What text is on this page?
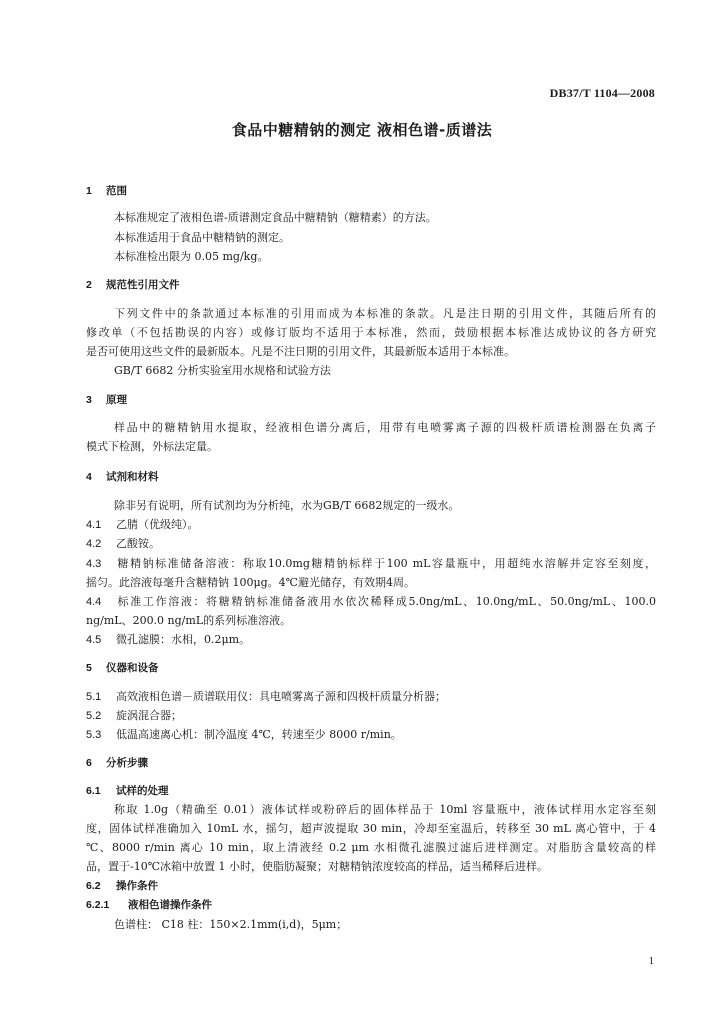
DB37/T 1104—2008
食品中糖精钠的测定 液相色谱-质谱法
1 范围
本标准规定了液相色谱-质谱测定食品中糖精钠（糖精素）的方法。
本标准适用于食品中糖精钠的测定。
本标准检出限为 0.05 mg/kg。
2 规范性引用文件
下列文件中的条款通过本标准的引用而成为本标准的条款。凡是注日期的引用文件，其随后所有的
修改单（不包括勘误的内容）或修订版均不适用于本标准，然而，鼓励根据本标准达成协议的各方研究
是否可使用这些文件的最新版本。凡是不注日期的引用文件，其最新版本适用于本标准。
GB/T 6682 分析实验室用水规格和试验方法
3 原理
样品中的糖精钠用水提取，经液相色谱分离后，用带有电喷雾离子源的四极杆质谱检测器在负离子
模式下检测，外标法定量。
4 试剂和材料
除非另有说明，所有试剂均为分析纯，水为GB/T 6682规定的一级水。
4.1 乙腈（优级纯）。
4.2 乙酸铵。
4.3 糖精钠标准储备溶液：称取10.0mg糖精钠标样于100 mL容量瓶中，用超纯水溶解并定容至刻度，
摇匀。此溶液每毫升含糖精钠 100μg。4℃避光储存，有效期4周。
4.4 标准工作溶液：将糖精钠标准储备液用水依次稀释成5.0ng/mL、10.0ng/mL、50.0ng/mL、100.0
ng/mL、200.0 ng/mL的系列标准溶液。
4.5 微孔滤膜：水相，0.2μm。
5 仪器和设备
5.1 高效液相色谱－质谱联用仪：具电喷雾离子源和四极杆质量分析器；
5.2 旋涡混合器；
5.3 低温高速离心机：制冷温度 4℃，转速至少 8000 r/min。
6 分析步骤
6.1 试样的处理
称取 1.0g（精确至 0.01）液体试样或粉碎后的固体样品于 10ml 容量瓶中，液体试样用水定容至刻
度，固体试样准确加入 10mL 水，摇匀，超声波提取 30 min，冷却至室温后，转移至 30 mL 离心管中，于 4
℃、8000 r/min 离心 10 min，取上清液经 0.2 μm 水相微孔滤膜过滤后进样测定。对脂肪含量较高的样
品，置于-10℃冰箱中放置 1 小时，使脂肪凝聚；对糖精钠浓度较高的样品，适当稀释后进样。
6.2 操作条件
6.2.1 液相色谱操作条件
色谱柱： C18 柱：150×2.1mm(i,d)，5μm；
1
